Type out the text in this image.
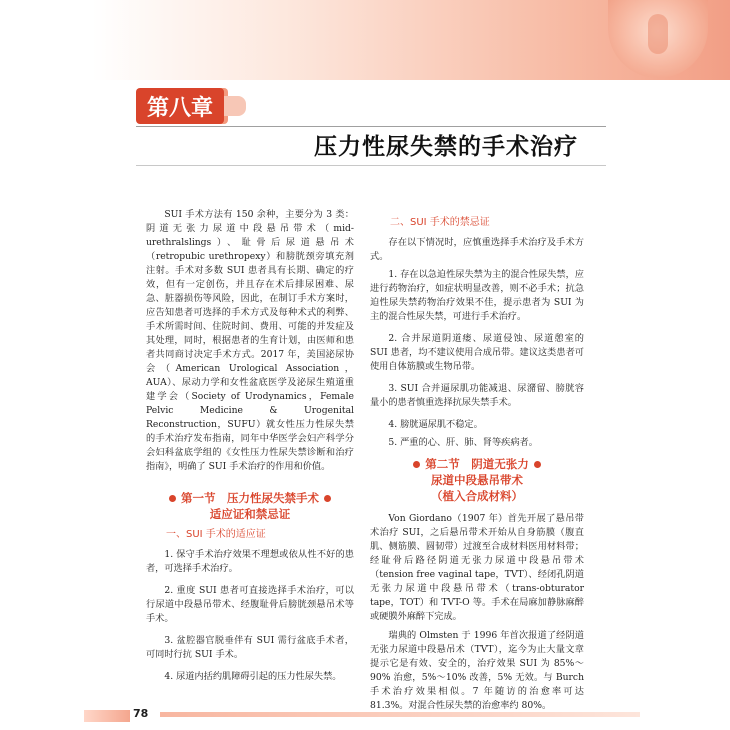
第八章
压力性尿失禁的手术治疗

SUI 手术方法有 150 余种，主要分为 3 类：阴道无张力尿道中段悬吊带术（mid-urethralslings）、耻骨后尿道悬吊术（retropubic urethropexy）和膀胱颈旁填充剂注射。手术对多数 SUI 患者具有长期、确定的疗效，但有一定创伤，并且存在术后排尿困难、尿急、脏器损伤等风险，因此，在制订手术方案时，应告知患者可选择的手术方式及每种术式的利弊、手术所需时间、住院时间、费用、可能的并发症及其处理，同时，根据患者的生育计划，由医师和患者共同商讨决定手术方式。2017 年，美国泌尿协会（American Urological Association，AUA）、尿动力学和女性盆底医学及泌尿生殖道重建学会（Society of Urodynamics，Female Pelvic Medicine & Urogenital Reconstruction，SUFU）就女性压力性尿失禁的手术治疗发布指南，同年中华医学会妇产科学分会妇科盆底学组的《女性压力性尿失禁诊断和治疗指南》，明确了 SUI 手术治疗的作用和价值。

第一节　压力性尿失禁手术
适应证和禁忌证
一、SUI 手术的适应证

1. 保守手术治疗效果不理想或依从性不好的患者，可选择手术治疗。

2. 重度 SUI 患者可直接选择手术治疗，可以行尿道中段悬吊带术、经腹耻骨后膀胱颈悬吊术等手术。

3. 盆腔器官脱垂伴有 SUI 需行盆底手术者，可同时行抗 SUI 手术。

4. 尿道内括约肌障碍引起的压力性尿失禁。

二、SUI 手术的禁忌证

存在以下情况时，应慎重选择手术治疗及手术方式。

1. 存在以急迫性尿失禁为主的混合性尿失禁，应进行药物治疗，如症状明显改善，则不必手术；抗急迫性尿失禁药物治疗效果不佳，提示患者为 SUI 为主的混合性尿失禁，可进行手术治疗。

2. 合并尿道阴道瘘、尿道侵蚀、尿道憩室的 SUI 患者，均不建议使用合成吊带。建议这类患者可使用自体筋膜或生物吊带。

3. SUI 合并逼尿肌功能减退、尿潴留、膀胱容量小的患者慎重选择抗尿失禁手术。

4. 膀胱逼尿肌不稳定。

5. 严重的心、肝、肺、肾等疾病者。

第二节　阴道无张力
尿道中段悬吊带术
（植入合成材料）

Von Giordano（1907 年）首先开展了悬吊带术治疗 SUI，之后悬吊带术开始从自身筋膜（腹直肌、侧筋膜、圆韧带）过渡至合成材料医用材料带；经耻骨后路径阴道无张力尿道中段悬吊带术（tension free vaginal tape，TVT）、经闭孔阴道无张力尿道中段悬吊带术（trans-obturator tape，TOT）和 TVT-O 等。手术在局麻加静脉麻醉或硬膜外麻醉下完成。

瑞典的 Olmsten 于 1996 年首次报道了经阴道无张力尿道中段悬吊术（TVT），迄今为止大量文章提示它是有效、安全的，治疗效果 SUI 为 85%～90% 治愈，5%～10% 改善，5% 无效。与 Burch 手术治疗效果相似。7 年随访的治愈率可达 81.3%。对混合性尿失禁的治愈率约 80%。

78
